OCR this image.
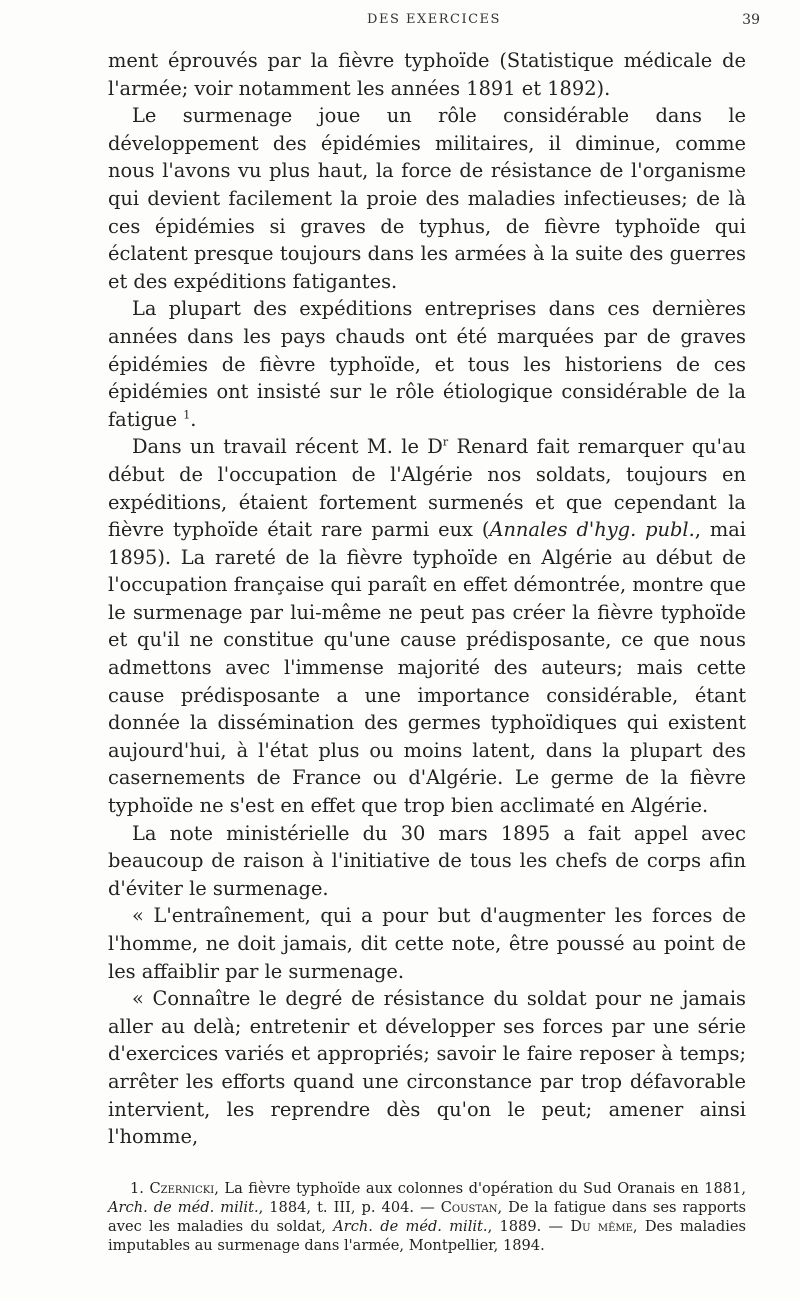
DES EXERCICES	39

ment éprouvés par la fièvre typhoïde (Statistique médicale de l'armée; voir notamment les années 1891 et 1892).

Le surmenage joue un rôle considérable dans le développement des épidémies militaires, il diminue, comme nous l'avons vu plus haut, la force de résistance de l'organisme qui devient facilement la proie des maladies infectieuses; de là ces épidémies si graves de typhus, de fièvre typhoïde qui éclatent presque toujours dans les armées à la suite des guerres et des expéditions fatigantes.

La plupart des expéditions entreprises dans ces dernières années dans les pays chauds ont été marquées par de graves épidémies de fièvre typhoïde, et tous les historiens de ces épidémies ont insisté sur le rôle étiologique considérable de la fatigue $^1$.

Dans un travail récent M. le $D^r$ Renard fait remarquer qu'au début de l'occupation de l'Algérie nos soldats, toujours en expéditions, étaient fortement surmenés et que cependant la fièvre typhoïde était rare parmi eux (Annales d'hyg. publ., mai 1895). La rareté de la fièvre typhoïde en Algérie au début de l'occupation française qui paraît en effet démontrée, montre que le surmenage par lui-même ne peut pas créer la fièvre typhoïde et qu'il ne constitue qu'une cause prédisposante, ce que nous admettons avec l'immense majorité des auteurs; mais cette cause prédisposante a une importance considérable, étant donnée la dissémination des germes typhoïdiques qui existent aujourd'hui, à l'état plus ou moins latent, dans la plupart des casernements de France ou d'Algérie. Le germe de la fièvre typhoïde ne s'est en effet que trop bien acclimaté en Algérie.

La note ministérielle du 30 mars 1895 a fait appel avec beaucoup de raison à l'initiative de tous les chefs de corps afin d'éviter le surmenage.

« L'entraînement, qui a pour but d'augmenter les forces de l'homme, ne doit jamais, dit cette note, être poussé au point de les affaiblir par le surmenage.

« Connaître le degré de résistance du soldat pour ne jamais aller au delà; entretenir et développer ses forces par une série d'exercices variés et appropriés; savoir le faire reposer à temps; arrêter les efforts quand une circonstance par trop défavorable intervient, les reprendre dès qu'on le peut; amener ainsi l'homme,

1. Czernicki, La fièvre typhoïde aux colonnes d'opération du Sud Oranais en 1881, Arch. de méd. milit., 1884, t. III, p. 404. — Coustan, De la fatigue dans ses rapports avec les maladies du soldat, Arch. de méd. milit., 1889. — Du même, Des maladies imputables au surmenage dans l'armée, Montpellier, 1894.
